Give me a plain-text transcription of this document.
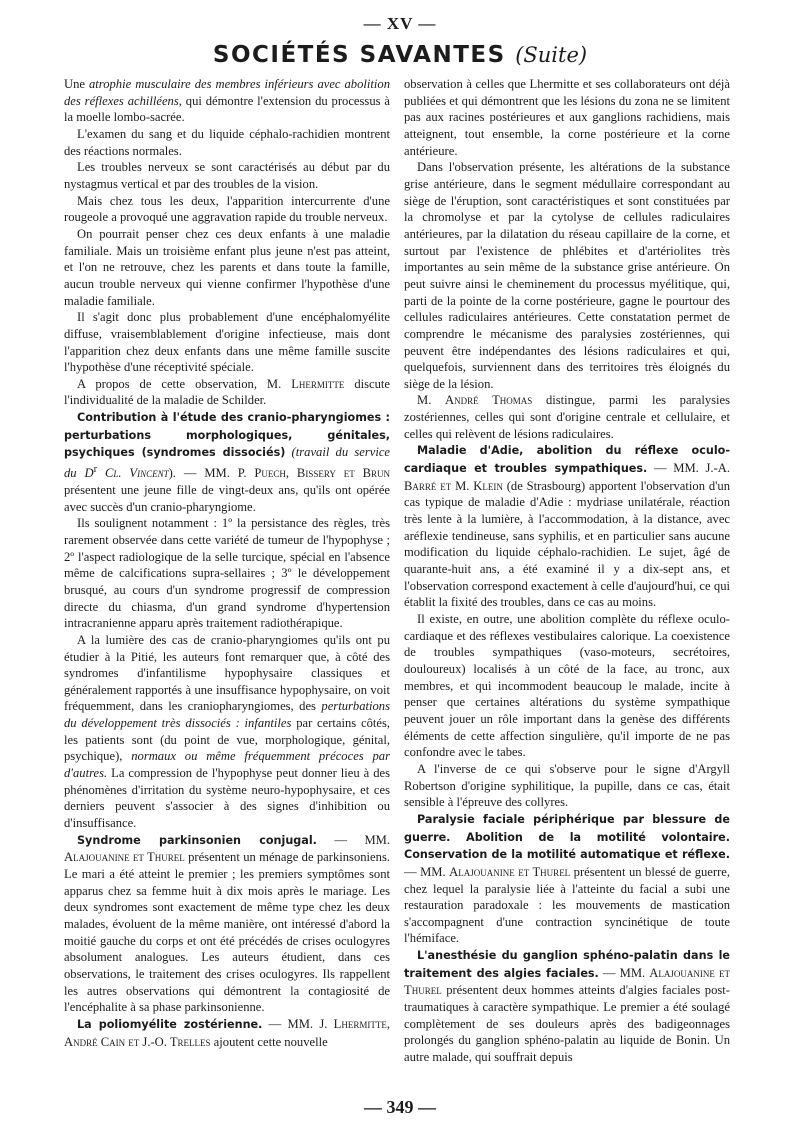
— XV —
SOCIÉTÉS SAVANTES (Suite)

Une atrophie musculaire des membres inférieurs avec abolition des réflexes achilléens, qui démontre l'extension du processus à la moelle lombo-sacrée.

L'examen du sang et du liquide céphalo-rachidien montrent des réactions normales.

Les troubles nerveux se sont caractérisés au début par du nystagmus vertical et par des troubles de la vision.

Mais chez tous les deux, l'apparition intercurrente d'une rougeole a provoqué une aggravation rapide du trouble nerveux.

On pourrait penser chez ces deux enfants à une maladie familiale. Mais un troisième enfant plus jeune n'est pas atteint, et l'on ne retrouve, chez les parents et dans toute la famille, aucun trouble nerveux qui vienne confirmer l'hypothèse d'une maladie familiale.

Il s'agit donc plus probablement d'une encéphalomyélite diffuse, vraisemblablement d'origine infectieuse, mais dont l'apparition chez deux enfants dans une même famille suscite l'hypothèse d'une réceptivité spéciale.

A propos de cette observation, M. Lhermitte discute l'individualité de la maladie de Schilder.

Contribution à l'étude des cranio-pharyngiomes : perturbations morphologiques, génitales, psychiques (syndromes dissociés) (travail du service du $D^r$ Cl. Vincent). — MM. P. Puech, Bissery et Brun présentent une jeune fille de vingt-deux ans, qu'ils ont opérée avec succès d'un cranio-pharyngiome.

Ils soulignent notamment : 1º la persistance des règles, très rarement observée dans cette variété de tumeur de l'hypophyse ; 2º l'aspect radiologique de la selle turcique, spécial en l'absence même de calcifications supra-sellaires ; 3º le développement brusqué, au cours d'un syndrome progressif de compression directe du chiasma, d'un grand syndrome d'hypertension intracranienne apparu après traitement radiothérapique.

A la lumière des cas de cranio-pharyngiomes qu'ils ont pu étudier à la Pitié, les auteurs font remarquer que, à côté des syndromes d'infantilisme hypophysaire classiques et généralement rapportés à une insuffisance hypophysaire, on voit fréquemment, dans les craniopharyngiomes, des perturbations du développement très dissociés : infantiles par certains côtés, les patients sont (du point de vue, morphologique, génital, psychique), normaux ou même fréquemment précoces par d'autres. La compression de l'hypophyse peut donner lieu à des phénomènes d'irritation du système neuro-hypophysaire, et ces derniers peuvent s'associer à des signes d'inhibition ou d'insuffisance.

Syndrome parkinsonien conjugal. — MM. Alajouanine et Thurel présentent un ménage de parkinsoniens. Le mari a été atteint le premier ; les premiers symptômes sont apparus chez sa femme huit à dix mois après le mariage. Les deux syndromes sont exactement de même type chez les deux malades, évoluent de la même manière, ont intéressé d'abord la moitié gauche du corps et ont été précédés de crises oculogyres absolument analogues. Les auteurs étudient, dans ces observations, le traitement des crises oculogyres. Ils rappellent les autres observations qui démontrent la contagiosité de l'encéphalite à sa phase parkinsonienne.

La poliomyélite zostérienne. — MM. J. Lhermitte, André Cain et J.-O. Trelles ajoutent cette nouvelle

observation à celles que Lhermitte et ses collaborateurs ont déjà publiées et qui démontrent que les lésions du zona ne se limitent pas aux racines postérieures et aux ganglions rachidiens, mais atteignent, tout ensemble, la corne postérieure et la corne antérieure.

Dans l'observation présente, les altérations de la substance grise antérieure, dans le segment médullaire correspondant au siège de l'éruption, sont caractéristiques et sont constituées par la chromolyse et par la cytolyse de cellules radiculaires antérieures, par la dilatation du réseau capillaire de la corne, et surtout par l'existence de phlébites et d'artériolites très importantes au sein même de la substance grise antérieure. On peut suivre ainsi le cheminement du processus myélitique, qui, parti de la pointe de la corne postérieure, gagne le pourtour des cellules radiculaires antérieures. Cette constatation permet de comprendre le mécanisme des paralysies zostériennes, qui peuvent être indépendantes des lésions radiculaires et qui, quelquefois, surviennent dans des territoires très éloignés du siège de la lésion.

M. André Thomas distingue, parmi les paralysies zostériennes, celles qui sont d'origine centrale et cellulaire, et celles qui relèvent de lésions radiculaires.

Maladie d'Adie, abolition du réflexe oculo-cardiaque et troubles sympathiques. — MM. J.-A. Barré et M. Klein (de Strasbourg) apportent l'observation d'un cas typique de maladie d'Adie : mydriase unilatérale, réaction très lente à la lumière, à l'accommodation, à la distance, avec aréflexie tendineuse, sans syphilis, et en particulier sans aucune modification du liquide céphalo-rachidien. Le sujet, âgé de quarante-huit ans, a été examiné il y a dix-sept ans, et l'observation correspond exactement à celle d'aujourd'hui, ce qui établit la fixité des troubles, dans ce cas au moins.

Il existe, en outre, une abolition complète du réflexe oculo-cardiaque et des réflexes vestibulaires calorique. La coexistence de troubles sympathiques (vaso-moteurs, secrétoires, douloureux) localisés à un côté de la face, au tronc, aux membres, et qui incommodent beaucoup le malade, incite à penser que certaines altérations du système sympathique peuvent jouer un rôle important dans la genèse des différents éléments de cette affection singulière, qu'il importe de ne pas confondre avec le tabes.

A l'inverse de ce qui s'observe pour le signe d'Argyll Robertson d'origine syphilitique, la pupille, dans ce cas, était sensible à l'épreuve des collyres.

Paralysie faciale périphérique par blessure de guerre. Abolition de la motilité volontaire. Conservation de la motilité automatique et réflexe. — MM. Alajouanine et Thurel présentent un blessé de guerre, chez lequel la paralysie liée à l'atteinte du facial a subi une restauration paradoxale : les mouvements de mastication s'accompagnent d'une contraction syncinétique de toute l'hémiface.

L'anesthésie du ganglion sphéno-palatin dans le traitement des algies faciales. — MM. Alajouanine et Thurel présentent deux hommes atteints d'algies faciales post-traumatiques à caractère sympathique. Le premier a été soulagé complètement de ses douleurs après des badigeonnages prolongés du ganglion sphéno-palatin au liquide de Bonin. Un autre malade, qui souffrait depuis

— 349 —
